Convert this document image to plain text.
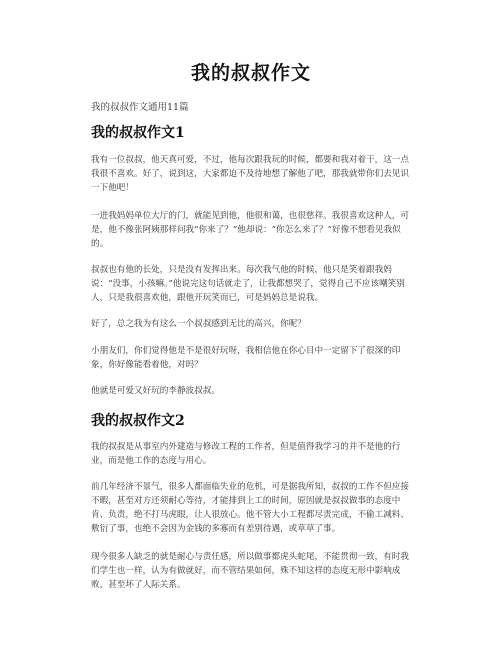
我的叔叔作文
我的叔叔作文通用11篇
我的叔叔作文1
我有一位叔叔，他天真可爱，不过，他每次跟我玩的时候，都要和我对着干，这一点我很不喜欢。好了，说到这，大家都迫不及待地想了解他了吧，那我就带你们去见识一下他吧！
一进我妈妈单位大厅的门，就能见到他，他很和蔼，也很慈祥。我很喜欢这种人，可是，他不像张阿姨那样问我“你来了？”他却说：“你怎么来了？”好像不想看见我似的。
叔叔也有他的长处，只是没有发挥出来。每次我气他的时候，他只是笑着跟我妈说：“没事，小孩嘛。”他说完这句话就走了，让我都想哭了，觉得自己不应该嘲笑别人，只是我很喜欢他，跟他开玩笑而已，可是妈妈总是说我。
好了，总之我为有这么一个叔叔感到无比的高兴，你呢？
小朋友们，你们觉得他是不是很好玩呀，我相信他在你心目中一定留下了很深的印象，你好像能看着他，对吗？
他就是可爱又好玩的李静波叔叔。
我的叔叔作文2
我的叔叔是从事室内外建造与修改工程的工作者，但是值得我学习的并不是他的行业，而是他工作的态度与用心。
前几年经济不景气，很多人都面临失业的危机，可是据我所知，叔叔的工作不但应接不暇，甚至对方还须耐心等待，才能排到上工的时间，原因就是叔叔做事的态度中肯、负责，绝不打马虎眼，让人很放心。他不管大小工程都尽责完成，不偷工减料、敷衍了事，也绝不会因为金钱的多寡而有差别待遇，或草草了事。
现今很多人缺乏的就是耐心与责任感，所以做事都虎头蛇尾，不能贯彻一致，有时我们学生也一样，认为有做就好，而不管结果如何，殊不知这样的态度无形中影响成败，甚至坏了人际关系。
